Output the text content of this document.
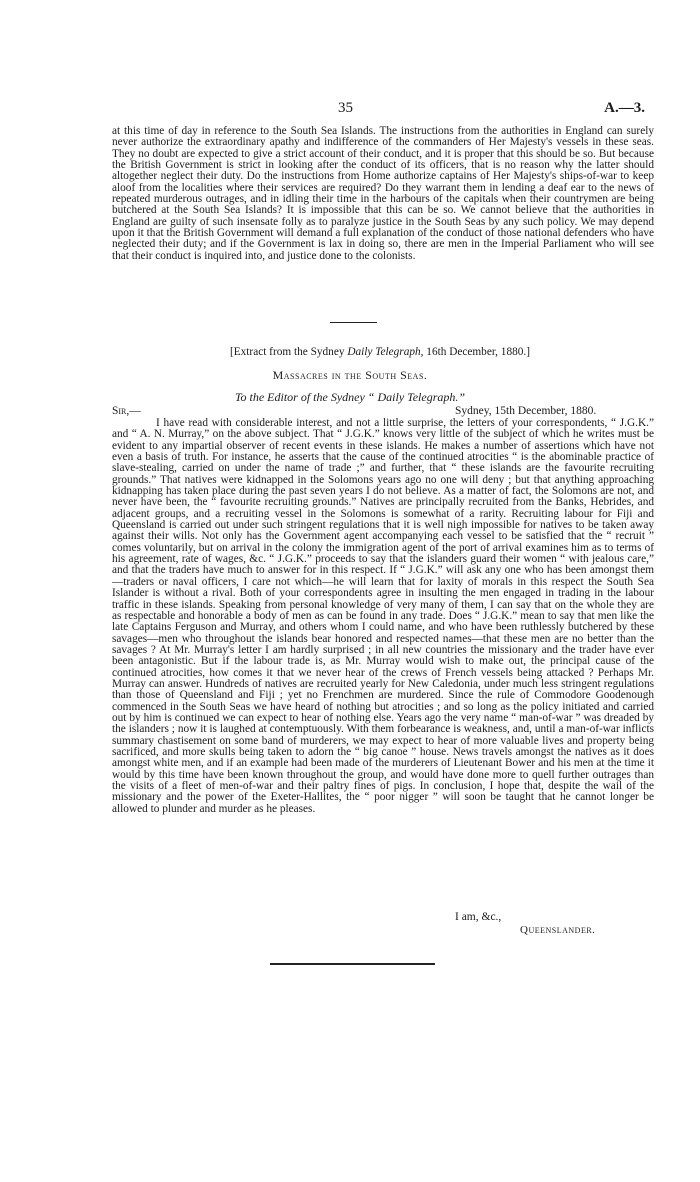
35	A.—3.

at this time of day in reference to the South Sea Islands. The instructions from the authorities in England can surely never authorize the extraordinary apathy and indifference of the commanders of Her Majesty's vessels in these seas. They no doubt are expected to give a strict account of their conduct, and it is proper that this should be so. But because the British Government is strict in looking after the conduct of its officers, that is no reason why the latter should altogether neglect their duty. Do the instructions from Home authorize captains of Her Majesty's ships-of-war to keep aloof from the localities where their services are required? Do they warrant them in lending a deaf ear to the news of repeated murderous outrages, and in idling their time in the harbours of the capitals when their countrymen are being butchered at the South Sea Islands? It is impossible that this can be so. We cannot believe that the authorities in England are guilty of such insensate folly as to paralyze justice in the South Seas by any such policy. We may depend upon it that the British Government will demand a full explanation of the conduct of those national defenders who have neglected their duty; and if the Government is lax in doing so, there are men in the Imperial Parliament who will see that their conduct is inquired into, and justice done to the colonists.

[Extract from the Sydney Daily Telegraph, 16th December, 1880.]
Massacres in the South Seas.
To the Editor of the Sydney “ Daily Telegraph.”
Sir,—	Sydney, 15th December, 1880.

I have read with considerable interest, and not a little surprise, the letters of your correspondents, “ J.G.K.” and “ A. N. Murray,” on the above subject. That “ J.G.K.” knows very little of the subject of which he writes must be evident to any impartial observer of recent events in these islands. He makes a number of assertions which have not even a basis of truth. For instance, he asserts that the cause of the continued atrocities “ is the abominable practice of slave-stealing, carried on under the name of trade ;” and further, that “ these islands are the favourite recruiting grounds.” That natives were kidnapped in the Solomons years ago no one will deny ; but that anything approaching kidnapping has taken place during the past seven years I do not believe. As a matter of fact, the Solomons are not, and never have been, the “ favourite recruiting grounds.” Natives are principally recruited from the Banks, Hebrides, and adjacent groups, and a recruiting vessel in the Solomons is somewhat of a rarity. Recruiting labour for Fiji and Queensland is carried out under such stringent regulations that it is well nigh impossible for natives to be taken away against their wills. Not only has the Government agent accompanying each vessel to be satisfied that the “ recruit ” comes voluntarily, but on arrival in the colony the immigration agent of the port of arrival examines him as to terms of his agreement, rate of wages, &c. “ J.G.K.” proceeds to say that the islanders guard their women “ with jealous care,” and that the traders have much to answer for in this respect. If “ J.G.K.” will ask any one who has been amongst them—traders or naval officers, I care not which—he will learn that for laxity of morals in this respect the South Sea Islander is without a rival. Both of your correspondents agree in insulting the men engaged in trading in the labour traffic in these islands. Speaking from personal knowledge of very many of them, I can say that on the whole they are as respectable and honorable a body of men as can be found in any trade. Does “ J.G.K.” mean to say that men like the late Captains Ferguson and Murray, and others whom I could name, and who have been ruthlessly butchered by these savages—men who throughout the islands bear honored and respected names—that these men are no better than the savages ? At Mr. Murray's letter I am hardly surprised ; in all new countries the missionary and the trader have ever been antagonistic. But if the labour trade is, as Mr. Murray would wish to make out, the principal cause of the continued atrocities, how comes it that we never hear of the crews of French vessels being attacked ? Perhaps Mr. Murray can answer. Hundreds of natives are recruited yearly for New Caledonia, under much less stringent regulations than those of Queensland and Fiji ; yet no Frenchmen are murdered. Since the rule of Commodore Goodenough commenced in the South Seas we have heard of nothing but atrocities ; and so long as the policy initiated and carried out by him is continued we can expect to hear of nothing else. Years ago the very name “ man-of-war ” was dreaded by the islanders ; now it is laughed at contemptuously. With them forbearance is weakness, and, until a man-of-war inflicts summary chastisement on some band of murderers, we may expect to hear of more valuable lives and property being sacrificed, and more skulls being taken to adorn the “ big canoe ” house. News travels amongst the natives as it does amongst white men, and if an example had been made of the murderers of Lieutenant Bower and his men at the time it would by this time have been known throughout the group, and would have done more to quell further outrages than the visits of a fleet of men-of-war and their paltry fines of pigs. In conclusion, I hope that, despite the wail of the missionary and the power of the Exeter-Hallites, the “ poor nigger ” will soon be taught that he cannot longer be allowed to plunder and murder as he pleases.

I am, &c.,
Queenslander.
